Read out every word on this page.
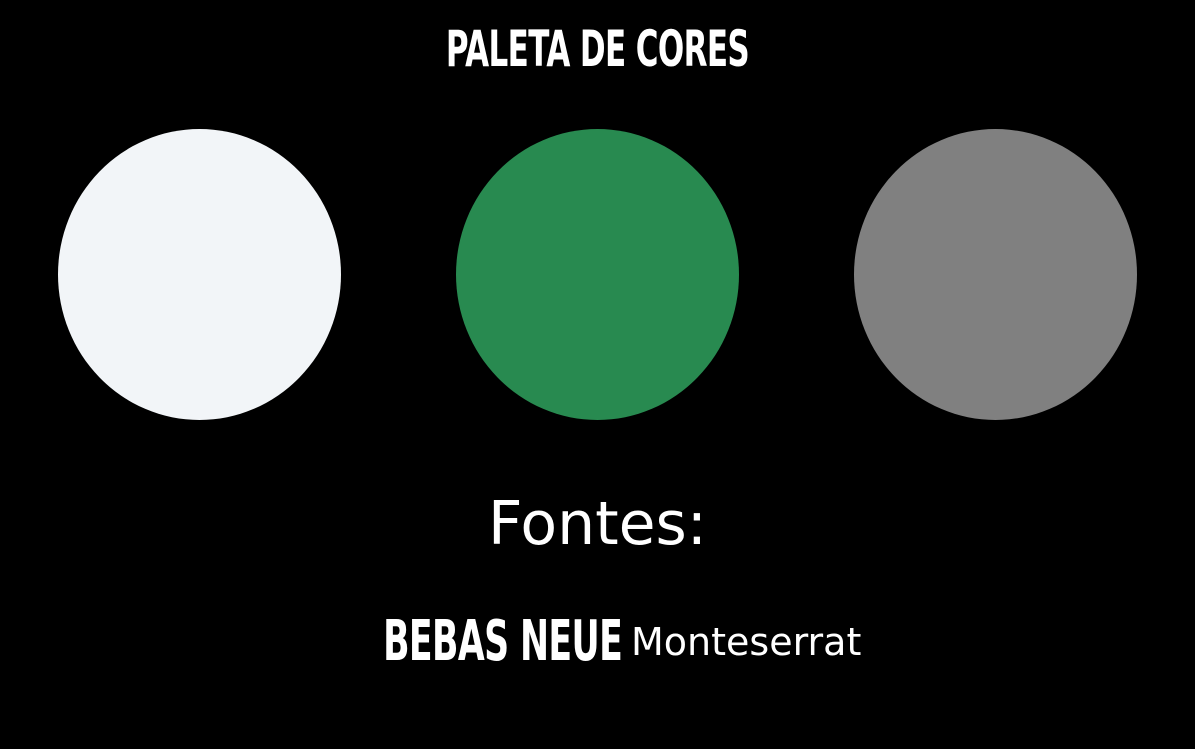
PALETA DE CORES
Fontes:
BEBAS NEUE Monteserrat
